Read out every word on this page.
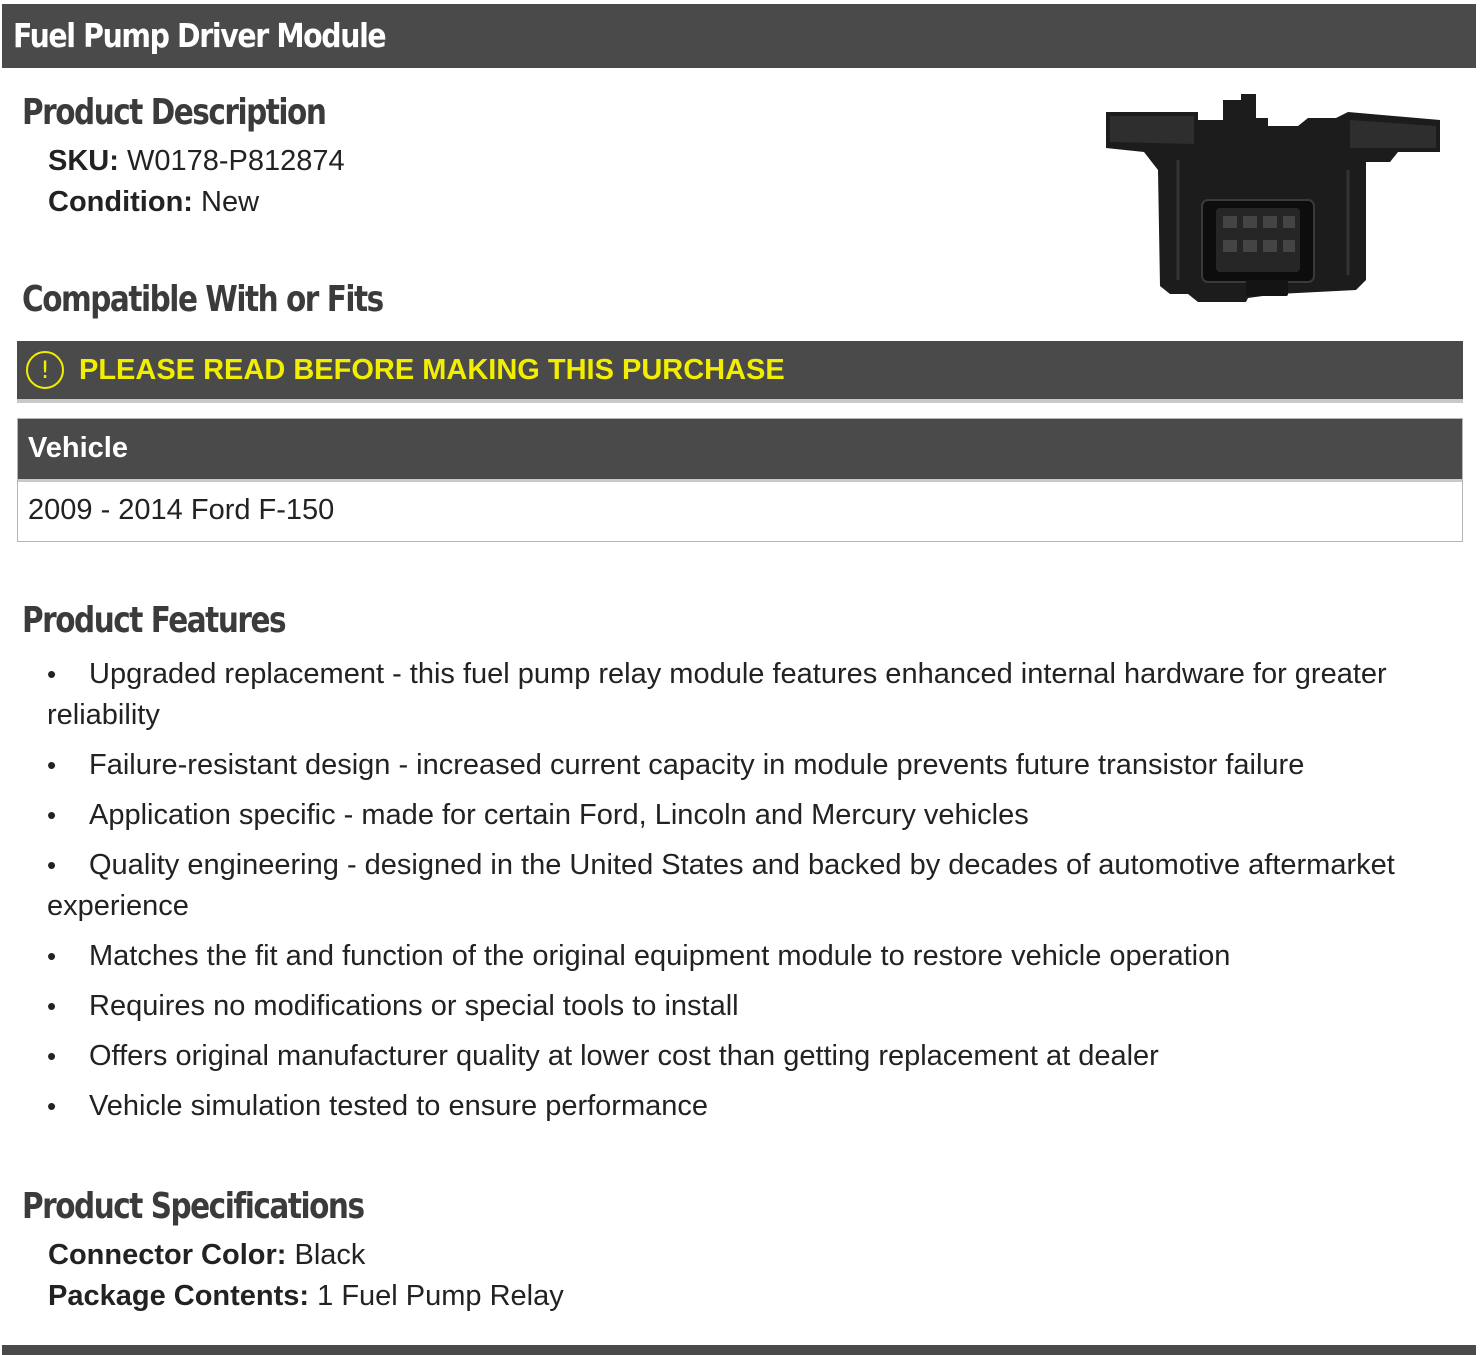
Fuel Pump Driver Module
Product Description
SKU: W0178-P812874
Condition: New
Compatible With or Fits
!	PLEASE READ BEFORE MAKING THIS PURCHASE
Vehicle
2009 - 2014 Ford F-150
Product Features
• Upgraded replacement - this fuel pump relay module features enhanced internal hardware for greater reliability
• Failure-resistant design - increased current capacity in module prevents future transistor failure
• Application specific - made for certain Ford, Lincoln and Mercury vehicles
• Quality engineering - designed in the United States and backed by decades of automotive aftermarket experience
• Matches the fit and function of the original equipment module to restore vehicle operation
• Requires no modifications or special tools to install
• Offers original manufacturer quality at lower cost than getting replacement at dealer
• Vehicle simulation tested to ensure performance
Product Specifications
Connector Color: Black
Package Contents: 1 Fuel Pump Relay
